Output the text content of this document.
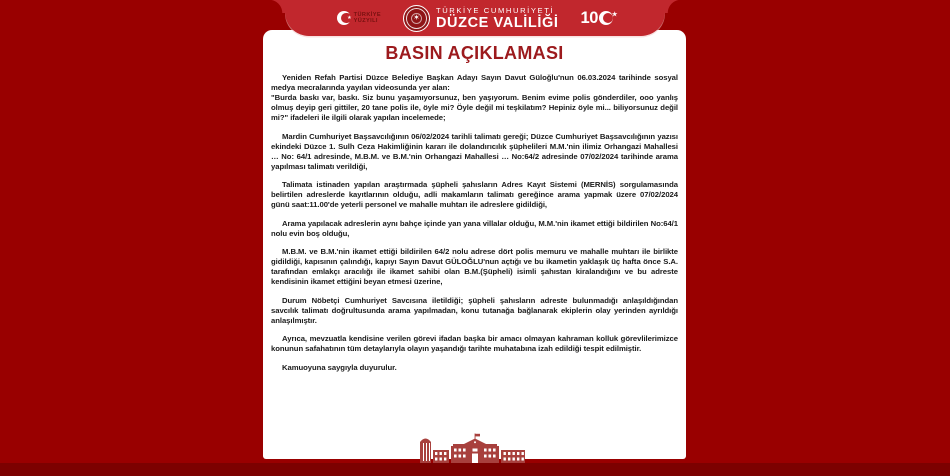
BASIN AÇIKLAMASI

Yeniden Refah Partisi Düzce Belediye Başkan Adayı Sayın Davut Güloğlu'nun 06.03.2024 tarihinde sosyal medya mecralarında yayılan videosunda yer alan:

"Burda baskı var, baskı. Siz bunu yaşamıyorsunuz, ben yaşıyorum. Benim evime polis gönderdiler, ooo yanlış olmuş deyip geri gittiler, 20 tane polis ile, öyle mi? Öyle değil mi teşkilatım? Hepiniz öyle mi... biliyorsunuz değil mi?" ifadeleri ile ilgili olarak yapılan incelemede;

Mardin Cumhuriyet Başsavcılığının 06/02/2024 tarihli talimatı gereği; Düzce Cumhuriyet Başsavcılığının yazısı ekindeki Düzce 1. Sulh Ceza Hakimliğinin kararı ile dolandırıcılık şüphelileri M.M.'nin ilimiz Orhangazi Mahallesi … No: 64/1 adresinde, M.B.M. ve B.M.'nin Orhangazi Mahallesi … No:64/2 adresinde 07/02/2024 tarihinde arama yapılması talimatı verildiği,

Talimata istinaden yapılan araştırmada şüpheli şahısların Adres Kayıt Sistemi (MERNİS) sorgulamasında belirtilen adreslerde kayıtlarının olduğu, adli makamların talimatı gereğince arama yapmak üzere 07/02/2024 günü saat:11.00'de yeterli personel ve mahalle muhtarı ile adreslere gidildiği,

Arama yapılacak adreslerin aynı bahçe içinde yan yana villalar olduğu, M.M.'nin ikamet ettiği bildirilen No:64/1 nolu evin boş olduğu,

M.B.M. ve B.M.'nin ikamet ettiği bildirilen 64/2 nolu adrese dört polis memuru ve mahalle muhtarı ile birlikte gidildiği, kapısının çalındığı, kapıyı Sayın Davut GÜLOĞLU'nun açtığı ve bu ikametin yaklaşık üç hafta önce S.A. tarafından emlakçı aracılığı ile ikamet sahibi olan B.M.(Şüpheli) isimli şahıstan kiralandığını ve bu adreste kendisinin ikamet ettiğini beyan etmesi üzerine,

Durum Nöbetçi Cumhuriyet Savcısına iletildiği; şüpheli şahısların adreste bulunmadığı anlaşıldığından savcılık talimatı doğrultusunda arama yapılmadan, konu tutanağa bağlanarak ekiplerin olay yerinden ayrıldığı anlaşılmıştır.

Ayrıca, mevzuatla kendisine verilen görevi ifadan başka bir amacı olmayan kahraman kolluk görevlilerimizce konunun safahatının tüm detaylarıyla olayın yaşandığı tarihte muhatabına izah edildiği tespit edilmiştir.

Kamuoyuna saygıyla duyurulur.

★ TÜRKİYE
YÜZYILI	✶
TÜRKİYE CUMHURİYETİ
DÜZCE VALİLİĞİ 10 ★
